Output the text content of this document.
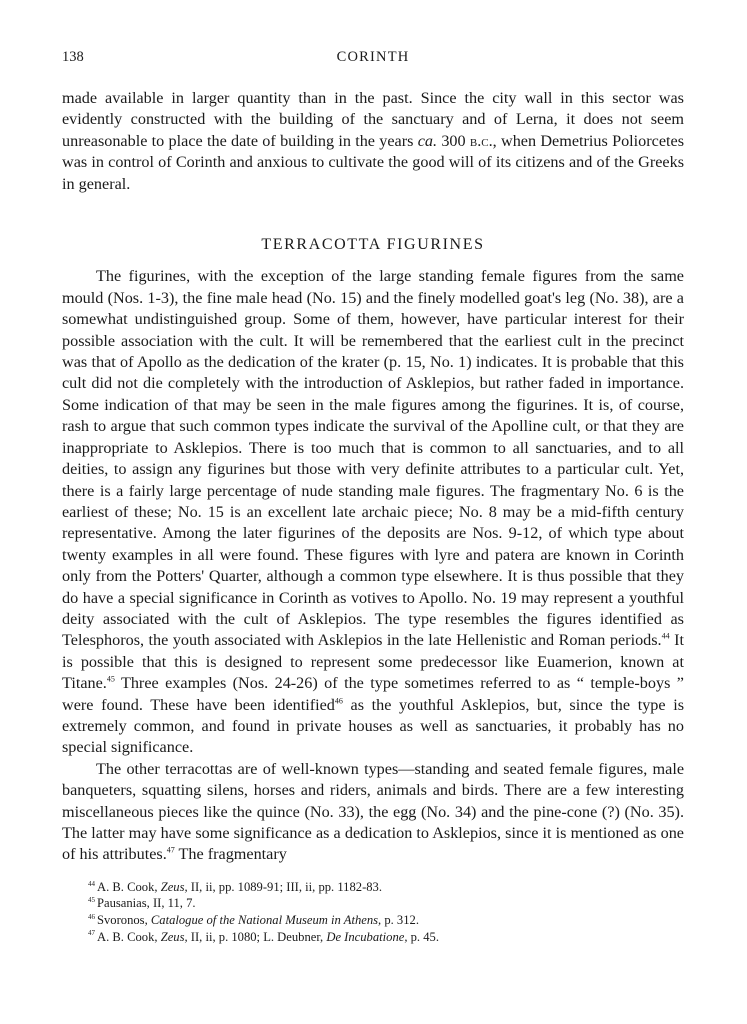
138	CORINTH

made available in larger quantity than in the past. Since the city wall in this sector was evidently constructed with the building of the sanctuary and of Lerna, it does not seem unreasonable to place the date of building in the years ca. 300 b.c., when Demetrius Poliorcetes was in control of Corinth and anxious to cultivate the good will of its citizens and of the Greeks in general.

TERRACOTTA FIGURINES

The figurines, with the exception of the large standing female figures from the same mould (Nos. 1-3), the fine male head (No. 15) and the finely modelled goat's leg (No. 38), are a somewhat undistinguished group. Some of them, however, have particular interest for their possible association with the cult. It will be remembered that the earliest cult in the precinct was that of Apollo as the dedication of the krater (p. 15, No. 1) indicates. It is probable that this cult did not die completely with the introduction of Asklepios, but rather faded in importance. Some indication of that may be seen in the male figures among the figurines. It is, of course, rash to argue that such common types indicate the survival of the Apolline cult, or that they are inappropriate to Asklepios. There is too much that is common to all sanctuaries, and to all deities, to assign any figurines but those with very definite attributes to a particular cult. Yet, there is a fairly large percentage of nude standing male figures. The fragmentary No. 6 is the earliest of these; No. 15 is an excellent late archaic piece; No. 8 may be a mid-fifth century representative. Among the later figurines of the deposits are Nos. 9-12, of which type about twenty examples in all were found. These figures with lyre and patera are known in Corinth only from the Potters' Quarter, although a common type elsewhere. It is thus possible that they do have a special significance in Corinth as votives to Apollo. No. 19 may represent a youthful deity associated with the cult of Asklepios. The type resembles the figures identified as Telesphoros, the youth associated with Asklepios in the late Hellenistic and Roman periods.$^{44}$ It is possible that this is designed to represent some predecessor like Euamerion, known at Titane.$^{45}$ Three examples (Nos. 24-26) of the type sometimes referred to as “ temple-boys ” were found. These have been identified$^{46}$ as the youthful Asklepios, but, since the type is extremely common, and found in private houses as well as sanctuaries, it probably has no special significance.

The other terracottas are of well-known types—standing and seated female figures, male banqueters, squatting silens, horses and riders, animals and birds. There are a few interesting miscellaneous pieces like the quince (No. 33), the egg (No. 34) and the pine-cone (?) (No. 35). The latter may have some significance as a dedication to Asklepios, since it is mentioned as one of his attributes.$^{47}$ The fragmentary

$^{44}$ A. B. Cook, Zeus, II, ii, pp. 1089-91; III, ii, pp. 1182-83.
$^{45}$ Pausanias, II, 11, 7.
$^{46}$ Svoronos, Catalogue of the National Museum in Athens, p. 312.
$^{47}$ A. B. Cook, Zeus, II, ii, p. 1080; L. Deubner, De Incubatione, p. 45.
